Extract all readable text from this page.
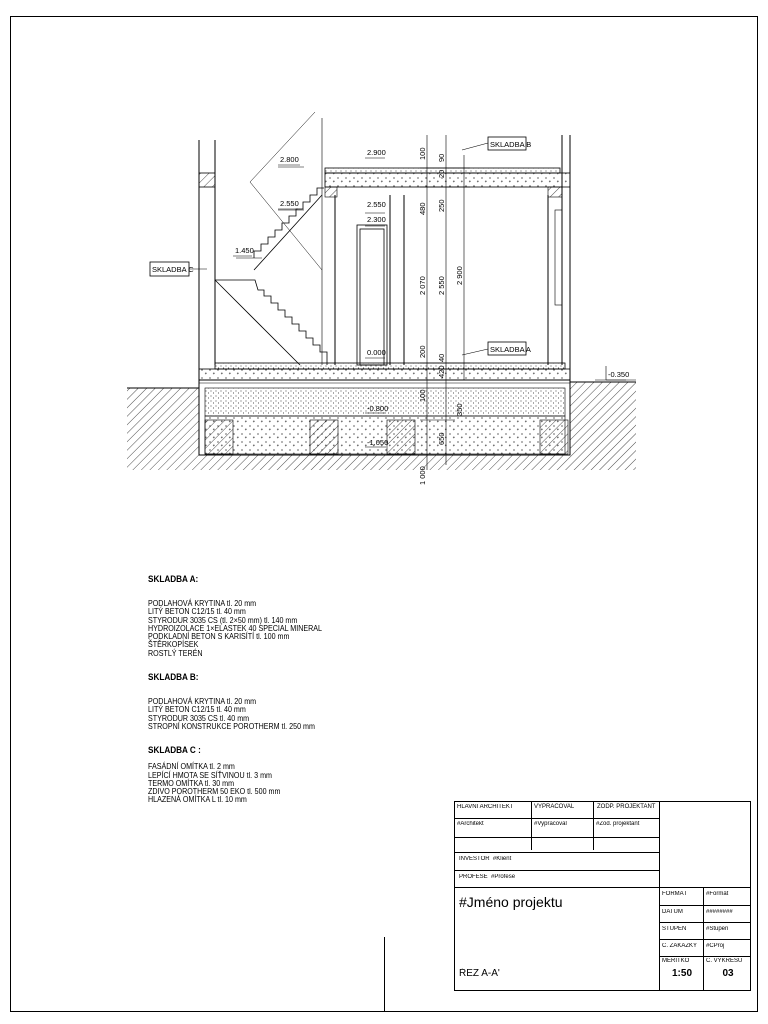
SKLADBA B
SKLADBA A
SKLADBA C
2.900
2.800
2.550	2.550
2.300
1.450
0.000
-0.350
-0.800
-1.050
100 90
20
480 250
2 070 2 550
2 900
200 40
420
100
350
650
1 000
SKLADBA A:
PODLAHOVÁ KRYTINA tl. 20 mm
LITÝ BETON C12/15 tl. 40 mm
STYRODUR 3035 CS (tl. 2×50 mm) tl. 140 mm
HYDROIZOLACE 1×ELASTEK 40 SPECIAL MINERAL
PODKLADNÍ BETON S KARISÍTÍ tl. 100 mm
ŠTĚRKOPÍSEK
ROSTLÝ TERÉN
SKLADBA B:
PODLAHOVÁ KRYTINA tl. 20 mm
LITÝ BETON C12/15 tl. 40 mm
STYRODUR 3035 CS tl. 40 mm
STROPNÍ KONSTRUKCE POROTHERM tl. 250 mm
SKLADBA C :
FASÁDNÍ OMÍTKA tl. 2 mm
LEPÍCÍ HMOTA SE SÍŤVINOU tl. 3 mm
TERMO OMÍTKA tl. 30 mm
ZDIVO POROTHERM 50 EKO tl. 500 mm
HLAZENÁ OMÍTKA L tl. 10 mm
HLAVNÍ ARCHITEKT	VYPRACOVAL	ZODP. PROJEKTANT
#Architekt	#Vypracoval	#Zod. projektant
INVESTOR #Klient
PROFESE #Profese
#Jméno projektu
ŘEZ A-A'
FORMÁT	#Formát
DATUM	########
STUPEŇ	#Stupen
Č. ZAKÁZKY	#ČProj
MĚŘÍTKO	Č. VÝKRESU
1:50	03
